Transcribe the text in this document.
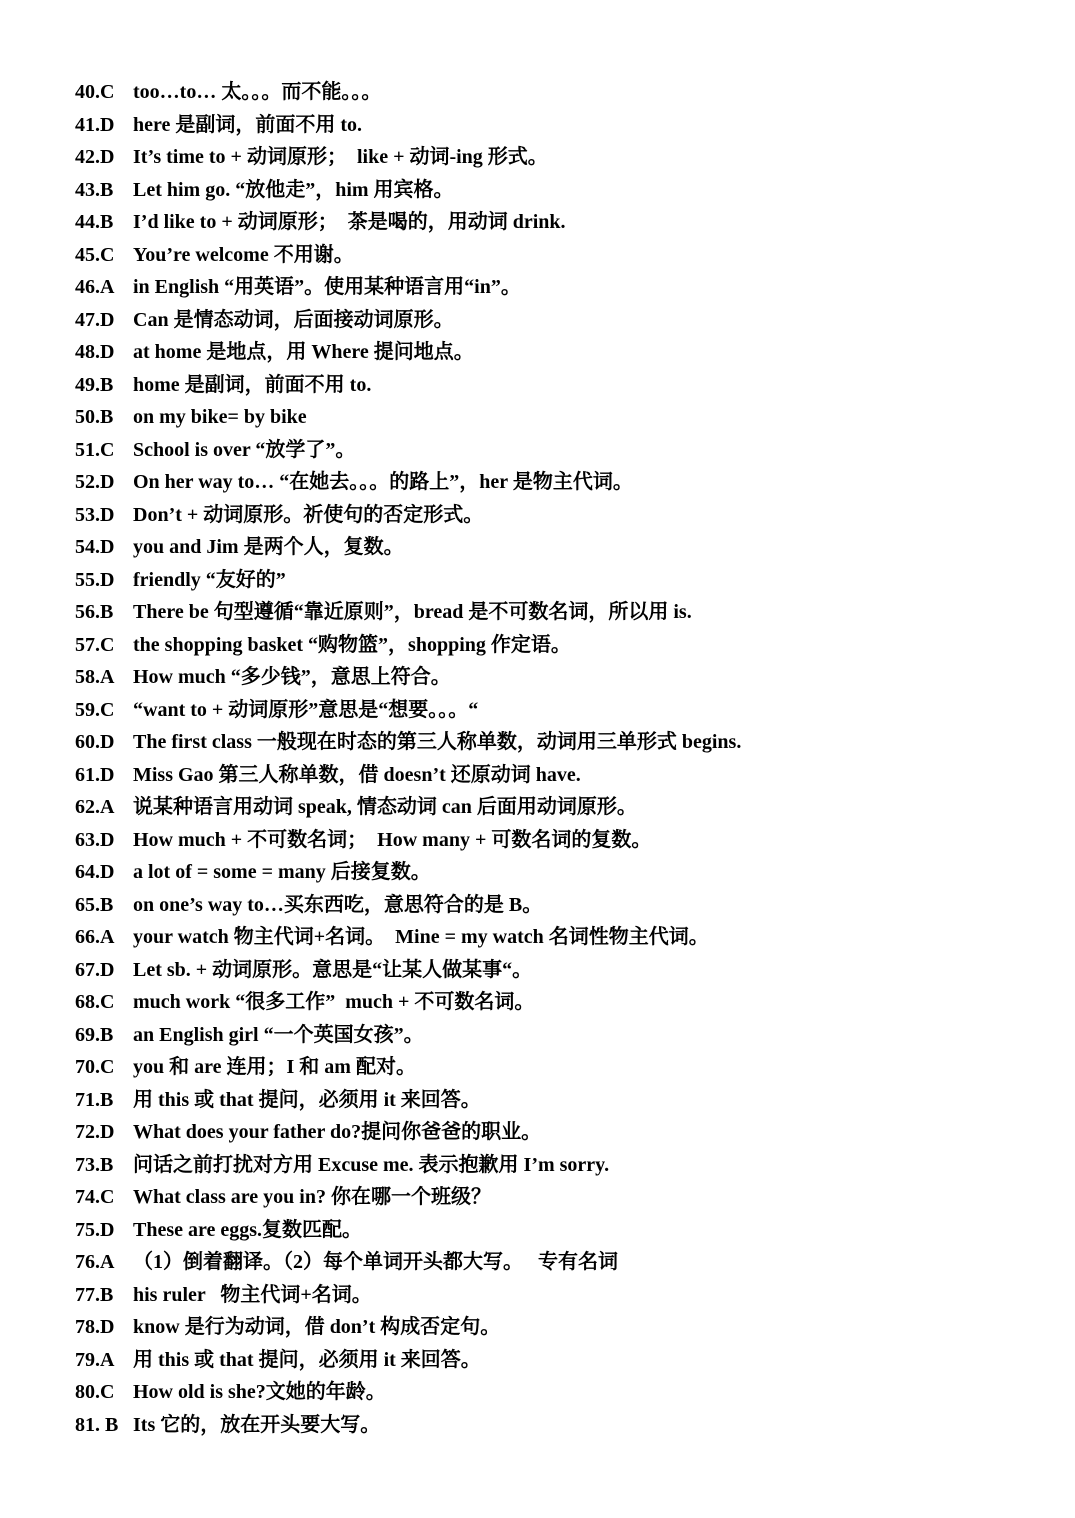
40.C too…to… 太。。。而不能。。。
41.D here 是副词，前面不用 to.
42.D It’s time to + 动词原形；  like + 动词-ing 形式。
43.B Let him go. “放他走”，him 用宾格。
44.B I’d like to + 动词原形；  茶是喝的，用动词 drink.
45.C You’re welcome 不用谢。
46.A in English “用英语”。使用某种语言用“in”。
47.D Can 是情态动词，后面接动词原形。
48.D at home 是地点，用 Where 提问地点。
49.B home 是副词，前面不用 to.
50.B on my bike= by bike
51.C School is over “放学了”。
52.D On her way to… “在她去。。。的路上”，her 是物主代词。
53.D Don’t + 动词原形。祈使句的否定形式。
54.D you and Jim 是两个人，复数。
55.D friendly “友好的”
56.B There be 句型遵循“靠近原则”，bread 是不可数名词，所以用 is.
57.C the shopping basket “购物篮”，shopping 作定语。
58.A How much “多少钱”，意思上符合。
59.C “want to + 动词原形”意思是“想要。。。“
60.D The first class 一般现在时态的第三人称单数，动词用三单形式 begins.
61.D Miss Gao 第三人称单数，借 doesn’t 还原动词 have.
62.A 说某种语言用动词 speak, 情态动词 can 后面用动词原形。
63.D How much + 不可数名词；  How many + 可数名词的复数。
64.D a lot of = some = many 后接复数。
65.B on one’s way to…买东西吃，意思符合的是 B。
66.A your watch 物主代词+名词。  Mine = my watch 名词性物主代词。
67.D Let sb. + 动词原形。意思是“让某人做某事“。
68.C much work “很多工作”  much + 不可数名词。
69.B an English girl “一个英国女孩”。
70.C you 和 are 连用；I 和 am 配对。
71.B 用 this 或 that 提问，必须用 it 来回答。
72.D What does your father do?提问你爸爸的职业。
73.B 问话之前打扰对方用 Excuse me. 表示抱歉用 I’m sorry.
74.C What class are you in? 你在哪一个班级？
75.D These are eggs.复数匹配。
76.A （1）倒着翻译。（2）每个单词开头都大写。   专有名词
77.B his ruler   物主代词+名词。
78.D know 是行为动词，借 don’t 构成否定句。
79.A 用 this 或 that 提问，必须用 it 来回答。
80.C How old is she?文她的年龄。
81. B Its 它的，放在开头要大写。
